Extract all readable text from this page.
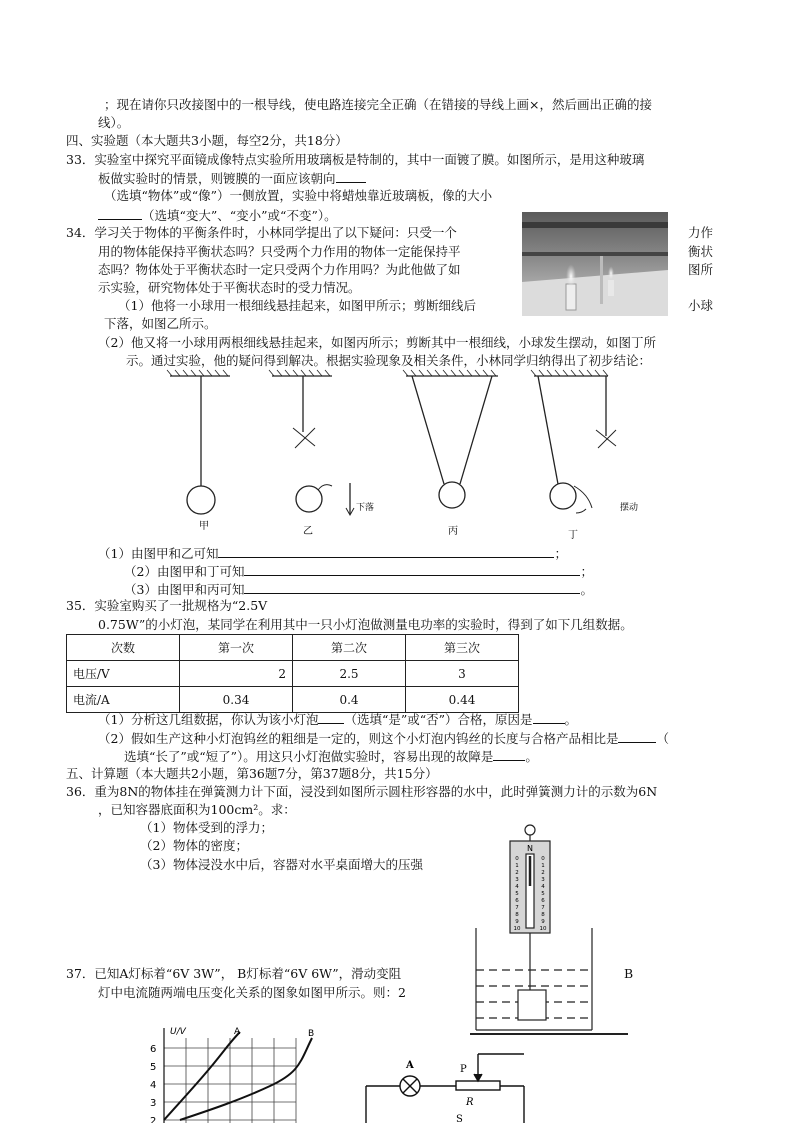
；现在请你只改接图中的一根导线，使电路连接完全正确（在错接的导线上画×，然后画出正确的接
线）。
四、实验题（本大题共3小题，每空2分，共18分）
33．实验室中探究平面镜成像特点实验所用玻璃板是特制的，其中一面镀了膜。如图所示，是用这种玻璃
板做实验时的情景，则镀膜的一面应该朝向
（选填“物体”或“像”）一侧放置，实验中将蜡烛靠近玻璃板，像的大小
（选填“变大”、“变小”或“不变”）。
34．学习关于物体的平衡条件时，小林同学提出了以下疑问：只受一个	力作
用的物体能保持平衡状态吗？只受两个力作用的物体一定能保持平	衡状
态吗？物体处于平衡状态时一定只受两个力作用吗？为此他做了如	图所
示实验，研究物体处于平衡状态时的受力情况。
（1）他将一小球用一根细线悬挂起来，如图甲所示；剪断细线后	小球
下落，如图乙所示。
（2）他又将一小球用两根细线悬挂起来，如图丙所示；剪断其中一根细线，小球发生摆动，如图丁所
示。通过实验，他的疑问得到解决。根据实验现象及相关条件，小林同学归纳得出了初步结论：
甲	乙	丙	丁
下落	摆动
（1）由图甲和乙可知	；
（2）由图甲和丁可知	；
（3）由图甲和丙可知	。
35．实验室购买了一批规格为“2.5V
0.75W”的小灯泡，某同学在利用其中一只小灯泡做测量电功率的实验时，得到了如下几组数据。
次数	第一次	第二次	第三次
电压/V	2	2.5	3
电流/A	0.34	0.4	0.44
（1）分析这几组数据，你认为该小灯泡 （选填“是”或“否”）合格，原因是	。
（2）假如生产这种小灯泡钨丝的粗细是一定的，则这个小灯泡内钨丝的长度与合格产品相比是	（
选填“长了”或“短了”）。用这只小灯泡做实验时，容易出现的故障是	。
五、计算题（本大题共2小题，第36题7分，第37题8分，共15分）
36．重为8N的物体挂在弹簧测力计下面，浸没到如图所示圆柱形容器的水中，此时弹簧测力计的示数为6N
，已知容器底面积为100cm²。求：
（1）物体受到的浮力；
（2）物体的密度；
（3）物体浸没水中后，容器对水平桌面增大的压强
N
0	0
1	1
2	2
3	3
4	4
5	5
6	6
7	7
8	8
9	9
10	10
37．已知A灯标着“6V 3W”， B灯标着“6V 6W”，滑动变阻	B
灯中电流随两端电压变化关系的图象如图甲所示。则：2
U/V	A	B
6
5
4
3
2
A	P
R
S
